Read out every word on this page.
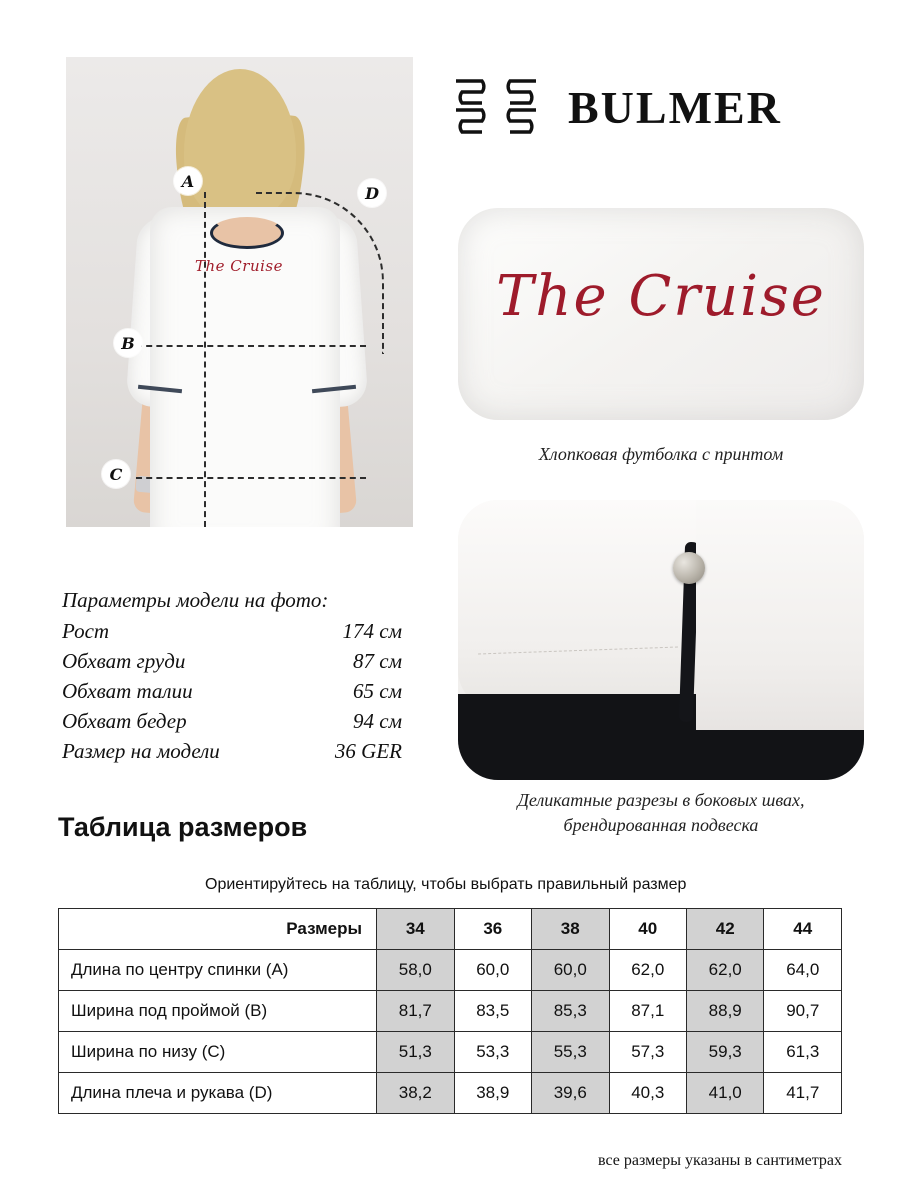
The Cruise
A
D
B
C
BULMER
The Cruise
Хлопковая футболка с принтом
Деликатные разрезы в боковых швах, брендированная подвеска
Параметры модели на фото:
Рост	174 см
Обхват груди	87 см
Обхват талии	65 см
Обхват бедер	94 см
Размер на модели	36 GER
Таблица размеров
Ориентируйтесь на таблицу, чтобы выбрать правильный размер
Размеры	34	36	38	40	42	44
Длина по центру спинки (A)	58,0	60,0	60,0	62,0	62,0	64,0
Ширина под проймой (B)	81,7	83,5	85,3	87,1	88,9	90,7
Ширина по низу (C)	51,3	53,3	55,3	57,3	59,3	61,3
Длина плеча и рукава (D)	38,2	38,9	39,6	40,3	41,0	41,7
все размеры указаны в сантиметрах
